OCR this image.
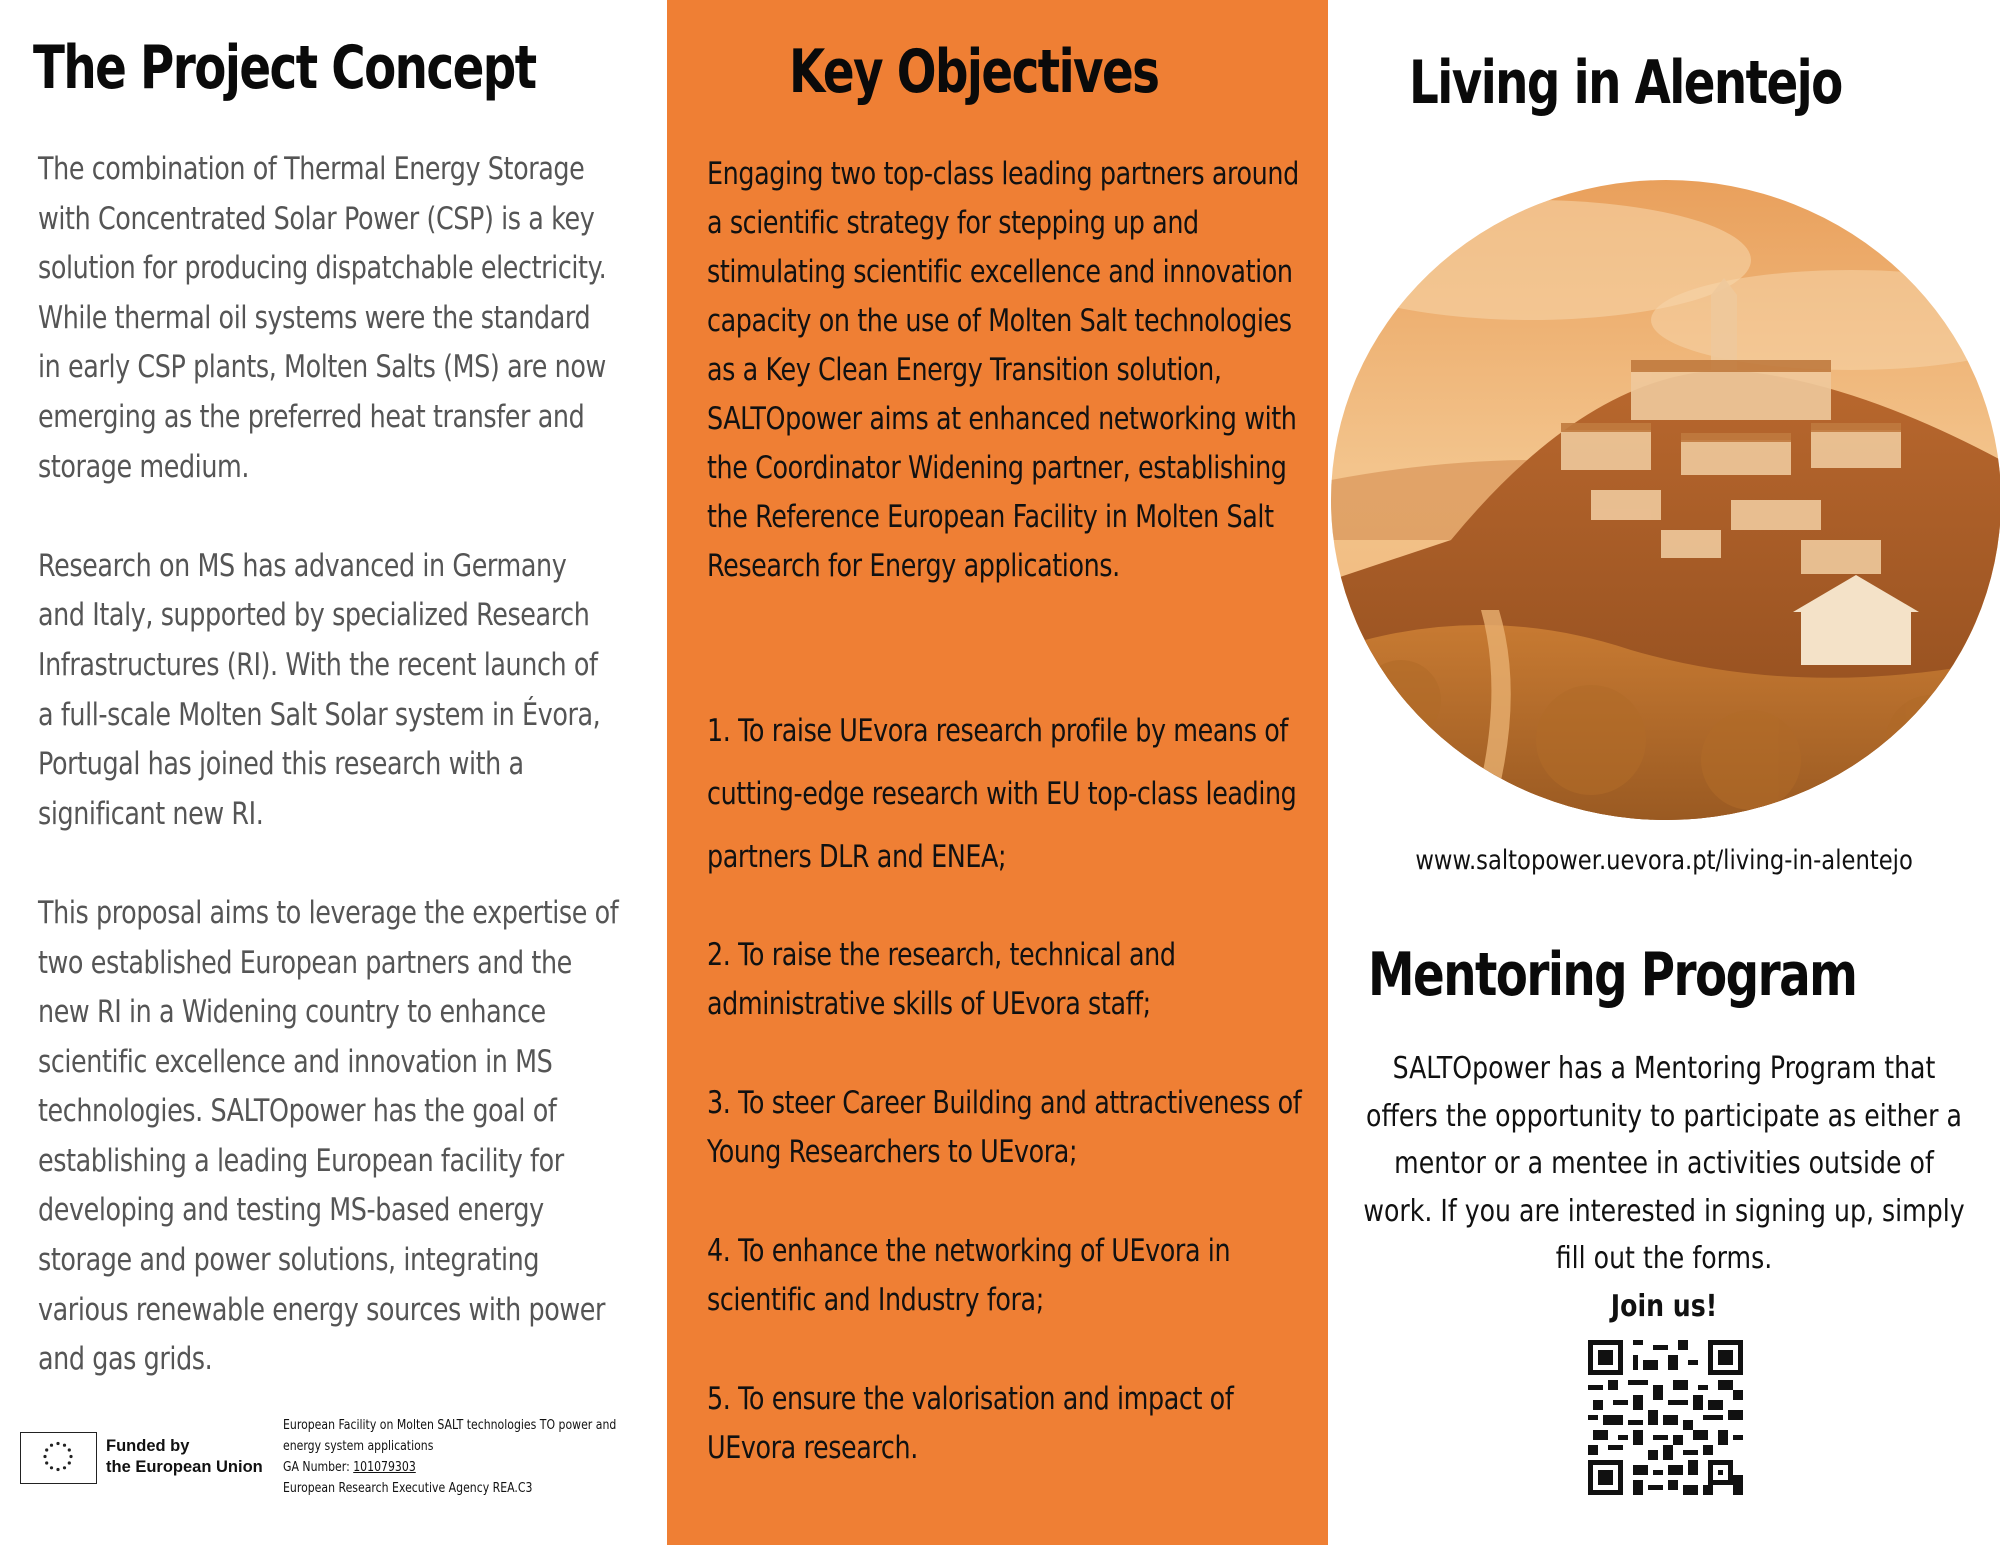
The Project Concept

The combination of Thermal Energy Storage with Concentrated Solar Power (CSP) is a key solution for producing dispatchable electricity. While thermal oil systems were the standard in early CSP plants, Molten Salts (MS) are now emerging as the preferred heat transfer and storage medium.

Research on MS has advanced in Germany and Italy, supported by specialized Research Infrastructures (RI). With the recent launch of a full-scale Molten Salt Solar system in Évora, Portugal has joined this research with a significant new RI.

This proposal aims to leverage the expertise of two established European partners and the new RI in a Widening country to enhance scientific excellence and innovation in MS technologies. SALTOpower has the goal of establishing a leading European facility for developing and testing MS-based energy storage and power solutions, integrating various renewable energy sources with power and gas grids.

Funded by
the European Union
European Facility on Molten SALT technologies TO power and energy system applications
GA Number: 101079303
European Research Executive Agency REA.C3
Key Objectives

Engaging two top-class leading partners around a scientific strategy for stepping up and stimulating scientific excellence and innovation capacity on the use of Molten Salt technologies as a Key Clean Energy Transition solution, SALTOpower aims at enhanced networking with the Coordinator Widening partner, establishing the Reference European Facility in Molten Salt Research for Energy applications.

1. To raise UEvora research profile by means of cutting-edge research with EU top-class leading partners DLR and ENEA;
2. To raise the research, technical and administrative skills of UEvora staff;
3. To steer Career Building and attractiveness of Young Researchers to UEvora;
4. To enhance the networking of UEvora in scientific and Industry fora;
5. To ensure the valorisation and impact of UEvora research.
Living in Alentejo
www.saltopower.uevora.pt/living-in-alentejo
Mentoring Program
SALTOpower has a Mentoring Program that offers the opportunity to participate as either a mentor or a mentee in activities outside of work. If you are interested in signing up, simply fill out the forms.
Join us!
